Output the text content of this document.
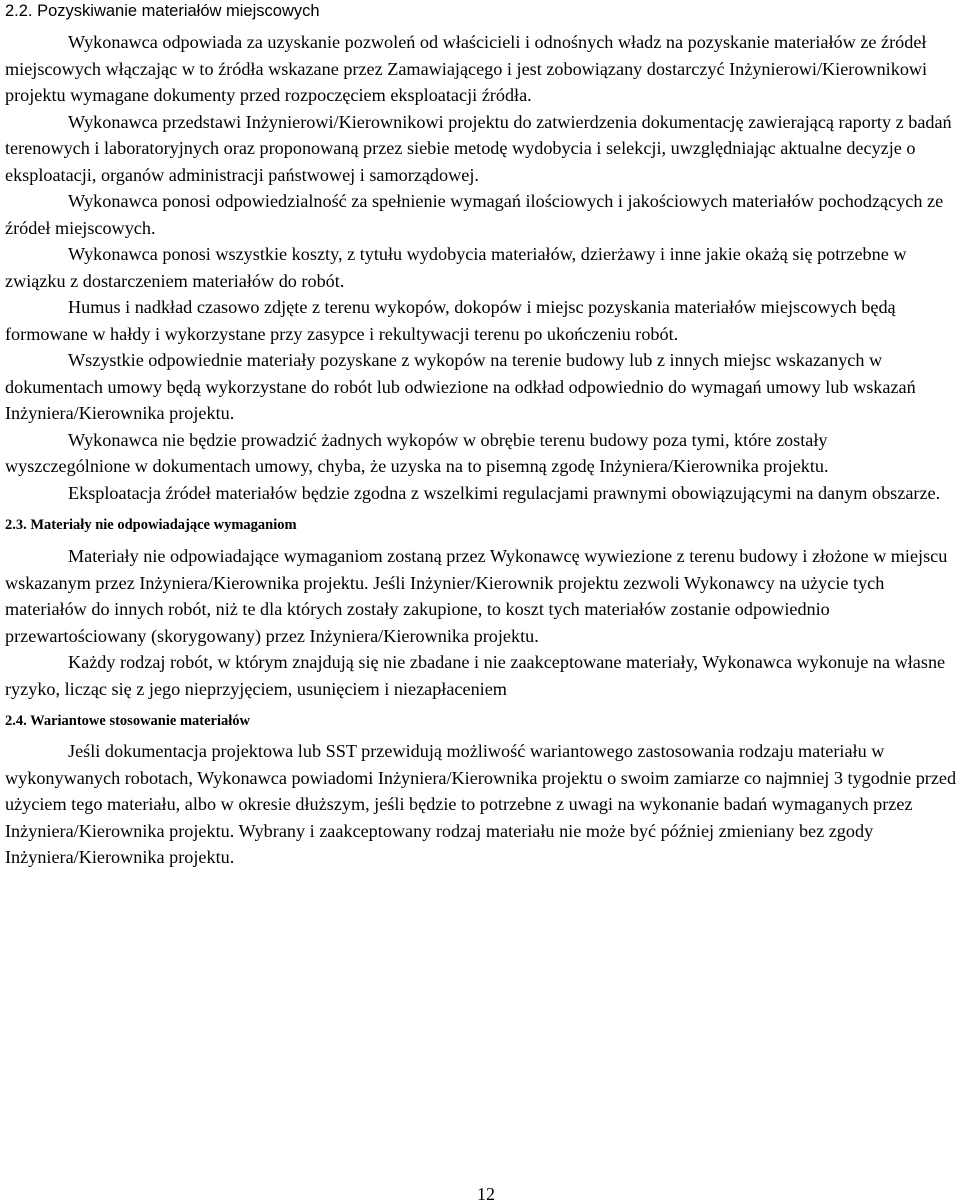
2.2. Pozyskiwanie materiałów miejscowych

Wykonawca odpowiada za uzyskanie pozwoleń od właścicieli i odnośnych władz na pozyskanie materiałów ze źródeł miejscowych włączając w to źródła wskazane przez Zamawiającego i jest zobowiązany dostarczyć Inżynierowi/Kierownikowi projektu wymagane dokumenty przed rozpoczęciem eksploatacji źródła.

Wykonawca przedstawi Inżynierowi/Kierownikowi projektu do zatwierdzenia dokumentację zawierającą raporty z badań terenowych i laboratoryjnych oraz proponowaną przez siebie metodę wydobycia i selekcji, uwzględniając aktualne decyzje o eksploatacji, organów administracji państwowej i samorządowej.

Wykonawca ponosi odpowiedzialność za spełnienie wymagań ilościowych i jakościowych materiałów pochodzących ze źródeł miejscowych.

Wykonawca ponosi wszystkie koszty, z tytułu wydobycia materiałów, dzierżawy i inne jakie okażą się potrzebne w związku z dostarczeniem materiałów do robót.

Humus i nadkład czasowo zdjęte z terenu wykopów, dokopów i miejsc pozyskania materiałów miejscowych będą formowane w hałdy i wykorzystane przy zasypce i rekultywacji terenu po ukończeniu robót.

Wszystkie odpowiednie materiały pozyskane z wykopów na terenie budowy lub z innych miejsc wskazanych w dokumentach umowy będą wykorzystane do robót lub odwiezione na odkład odpowiednio do wymagań umowy lub wskazań Inżyniera/Kierownika projektu.

Wykonawca nie będzie prowadzić żadnych wykopów w obrębie terenu budowy poza tymi, które zostały wyszczególnione w dokumentach umowy, chyba, że uzyska na to pisemną zgodę Inżyniera/Kierownika projektu.

Eksploatacja źródeł materiałów będzie zgodna z wszelkimi regulacjami prawnymi obowiązującymi na danym obszarze.

2.3. Materiały nie odpowiadające wymaganiom

Materiały nie odpowiadające wymaganiom zostaną przez Wykonawcę wywiezione z terenu budowy i złożone w miejscu wskazanym przez Inżyniera/Kierownika projektu. Jeśli Inżynier/Kierownik projektu zezwoli Wykonawcy na użycie tych materiałów do innych robót, niż te dla których zostały zakupione, to koszt tych materiałów zostanie odpowiednio przewartościowany (skorygowany) przez Inżyniera/Kierownika projektu.

Każdy rodzaj robót, w którym znajdują się nie zbadane i nie zaakceptowane materiały, Wykonawca wykonuje na własne ryzyko, licząc się z jego nieprzyjęciem, usunięciem i niezapłaceniem

2.4. Wariantowe stosowanie materiałów

Jeśli dokumentacja projektowa lub SST przewidują możliwość wariantowego zastosowania rodzaju materiału w wykonywanych robotach, Wykonawca powiadomi Inżyniera/Kierownika projektu o swoim zamiarze co najmniej 3 tygodnie przed użyciem tego materiału, albo w okresie dłuższym, jeśli będzie to potrzebne z uwagi na wykonanie badań wymaganych przez Inżyniera/Kierownika projektu. Wybrany i zaakceptowany rodzaj materiału nie może być później zmieniany bez zgody Inżyniera/Kierownika projektu.

12
